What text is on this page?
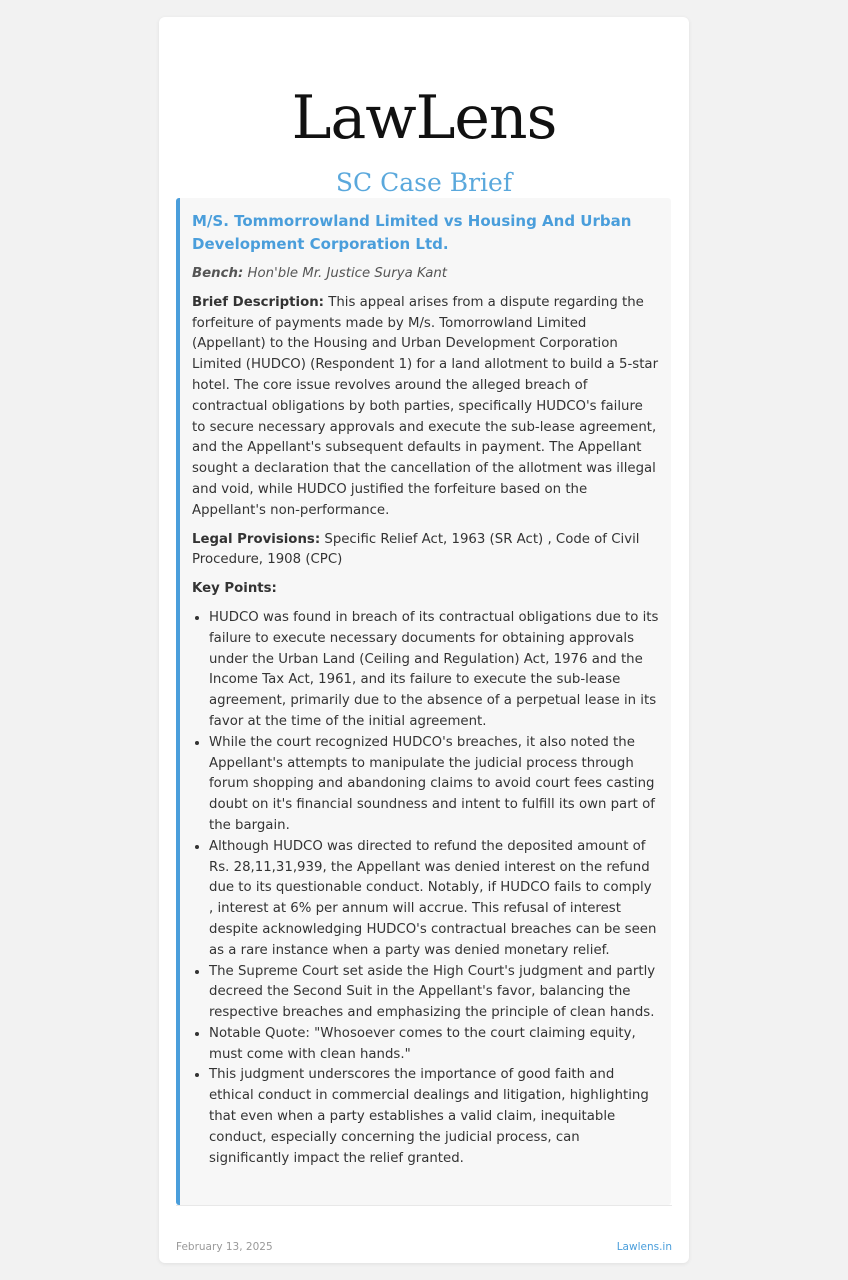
LawLens
SC Case Brief
M/S. Tommorrowland Limited vs Housing And Urban Development Corporation Ltd.
Bench: Hon'ble Mr. Justice Surya Kant
Brief Description: This appeal arises from a dispute regarding the forfeiture of payments made by M/s. Tomorrowland Limited (Appellant) to the Housing and Urban Development Corporation Limited (HUDCO) (Respondent 1) for a land allotment to build a 5-star hotel. The core issue revolves around the alleged breach of contractual obligations by both parties, specifically HUDCO's failure to secure necessary approvals and execute the sub-lease agreement, and the Appellant's subsequent defaults in payment. The Appellant sought a declaration that the cancellation of the allotment was illegal and void, while HUDCO justified the forfeiture based on the Appellant's non-performance.
Legal Provisions: Specific Relief Act, 1963 (SR Act) , Code of Civil Procedure, 1908 (CPC)
Key Points:
• HUDCO was found in breach of its contractual obligations due to its failure to execute necessary documents for obtaining approvals under the Urban Land (Ceiling and Regulation) Act, 1976 and the Income Tax Act, 1961, and its failure to execute the sub-lease agreement, primarily due to the absence of a perpetual lease in its favor at the time of the initial agreement.
• While the court recognized HUDCO's breaches, it also noted the Appellant's attempts to manipulate the judicial process through forum shopping and abandoning claims to avoid court fees casting doubt on it's financial soundness and intent to fulfill its own part of the bargain.
• Although HUDCO was directed to refund the deposited amount of Rs. 28,11,31,939, the Appellant was denied interest on the refund due to its questionable conduct. Notably, if HUDCO fails to comply , interest at 6% per annum will accrue. This refusal of interest despite acknowledging HUDCO's contractual breaches can be seen as a rare instance when a party was denied monetary relief.
• The Supreme Court set aside the High Court's judgment and partly decreed the Second Suit in the Appellant's favor, balancing the respective breaches and emphasizing the principle of clean hands.
• Notable Quote: "Whosoever comes to the court claiming equity, must come with clean hands."
• This judgment underscores the importance of good faith and ethical conduct in commercial dealings and litigation, highlighting that even when a party establishes a valid claim, inequitable conduct, especially concerning the judicial process, can significantly impact the relief granted.
February 13, 2025	Lawlens.in
